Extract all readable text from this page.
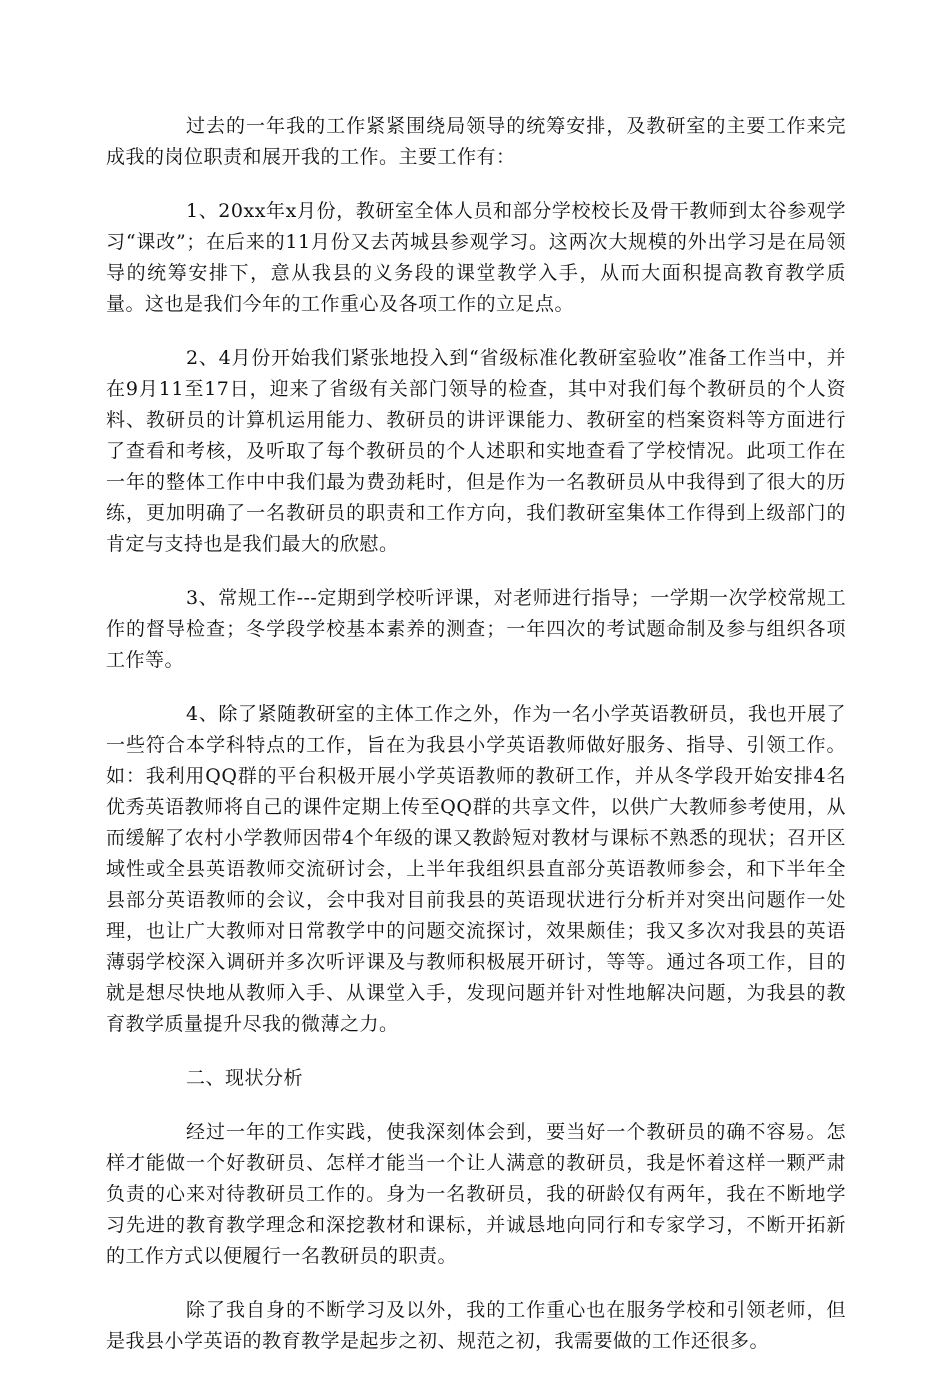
过去的一年我的工作紧紧围绕局领导的统筹安排，及教研室的主要工作来完成我的岗位职责和展开我的工作。主要工作有：

1、20xx年x月份，教研室全体人员和部分学校校长及骨干教师到太谷参观学习“课改”；在后来的11月份又去芮城县参观学习。这两次大规模的外出学习是在局领导的统筹安排下，意从我县的义务段的课堂教学入手，从而大面积提高教育教学质量。这也是我们今年的工作重心及各项工作的立足点。

2、4月份开始我们紧张地投入到“省级标准化教研室验收”准备工作当中，并在9月11至17日，迎来了省级有关部门领导的检查，其中对我们每个教研员的个人资料、教研员的计算机运用能力、教研员的讲评课能力、教研室的档案资料等方面进行了查看和考核，及听取了每个教研员的个人述职和实地查看了学校情况。此项工作在一年的整体工作中中我们最为费劲耗时，但是作为一名教研员从中我得到了很大的历练，更加明确了一名教研员的职责和工作方向，我们教研室集体工作得到上级部门的肯定与支持也是我们最大的欣慰。

3、常规工作---定期到学校听评课，对老师进行指导；一学期一次学校常规工作的督导检查；冬学段学校基本素养的测查；一年四次的考试题命制及参与组织各项工作等。

4、除了紧随教研室的主体工作之外，作为一名小学英语教研员，我也开展了一些符合本学科特点的工作，旨在为我县小学英语教师做好服务、指导、引领工作。如：我利用QQ群的平台积极开展小学英语教师的教研工作，并从冬学段开始安排4名优秀英语教师将自己的课件定期上传至QQ群的共享文件，以供广大教师参考使用，从而缓解了农村小学教师因带4个年级的课又教龄短对教材与课标不熟悉的现状；召开区域性或全县英语教师交流研讨会，上半年我组织县直部分英语教师参会，和下半年全县部分英语教师的会议，会中我对目前我县的英语现状进行分析并对突出问题作一处理，也让广大教师对日常教学中的问题交流探讨，效果颇佳；我又多次对我县的英语薄弱学校深入调研并多次听评课及与教师积极展开研讨，等等。通过各项工作，目的就是想尽快地从教师入手、从课堂入手，发现问题并针对性地解决问题，为我县的教育教学质量提升尽我的微薄之力。

二、现状分析

经过一年的工作实践，使我深刻体会到，要当好一个教研员的确不容易。怎样才能做一个好教研员、怎样才能当一个让人满意的教研员，我是怀着这样一颗严肃负责的心来对待教研员工作的。身为一名教研员，我的研龄仅有两年，我在不断地学习先进的教育教学理念和深挖教材和课标，并诚恳地向同行和专家学习，不断开拓新的工作方式以便履行一名教研员的职责。

除了我自身的不断学习及以外，我的工作重心也在服务学校和引领老师，但是我县小学英语的教育教学是起步之初、规范之初，我需要做的工作还很多。
